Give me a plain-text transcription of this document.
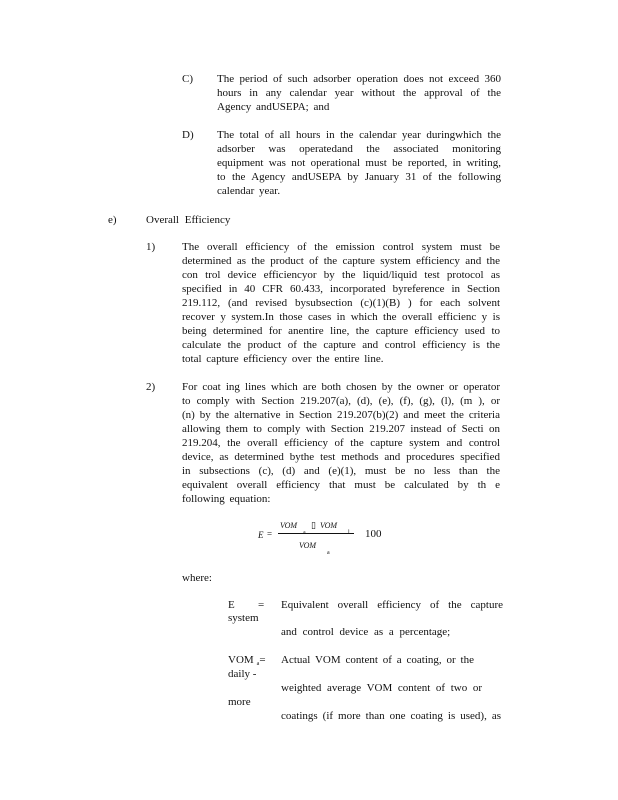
C) The period of such adsorber operation does not exceed 360 hours in any calendar year without the approval of the Agency andUSEPA; and
D) The total of all hours in the calendar year duringwhich the adsorber was operatedand the associated monitoring equipment was not operational must be reported, in writing, to the Agency andUSEPA by January 31 of the following calendar year.
e)	Overall Efficiency
1) The overall efficiency of the emission control system must be determined as the product of the capture system efficiency and the con trol device efficiencyor by the liquid/liquid test protocol as specified in 40 CFR 60.433, incorporated byreference in Section 219.112, (and revised bysubsection (c)(1)(B) ) for each solvent recover y system.In those cases in which the overall efficienc y is being determined for anentire line, the capture efficiency used to calculate the product of the capture and control efficiency is the total capture efficiency over the entire line.
2) For coat ing lines which are both chosen by the owner or operator to comply with Section 219.207(a), (d), (e), (f), (g), (l), (m ), or (n) by the alternative in Section 219.207(b)(2) and meet the criteria allowing them to comply with Section 219.207 instead of Secti on 219.204, the overall efficiency of the capture system and control device, as determined bythe test methods and procedures specified in subsections (c), (d) and (e)(1), must be no less than the equivalent overall efficiency that must be calculated by th e following equation:
E =
VOM ▯ VOM
VOM
a
100
where:
E = Equivalent overall efficiency of the capture
system
and control device as a percentage;
VOM a= Actual VOM content of a coating, or the
daily -
weighted average VOM content of two or
more
coatings (if more than one coating is used), as
